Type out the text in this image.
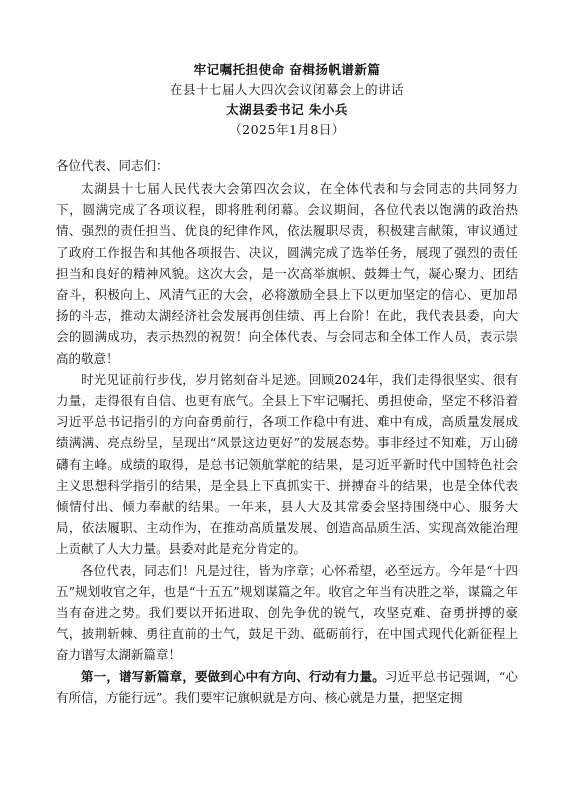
牢记嘱托担使命 奋楫扬帆谱新篇
在县十七届人大四次会议闭幕会上的讲话
太湖县委书记 朱小兵
（2025年1月8日）
各位代表、同志们：

太湖县十七届人民代表大会第四次会议，在全体代表和与会同志的共同努力下，圆满完成了各项议程，即将胜利闭幕。会议期间，各位代表以饱满的政治热情、强烈的责任担当、优良的纪律作风，依法履职尽责，积极建言献策，审议通过了政府工作报告和其他各项报告、决议，圆满完成了选举任务，展现了强烈的责任担当和良好的精神风貌。这次大会，是一次高举旗帜、鼓舞士气，凝心聚力、团结奋斗，积极向上、风清气正的大会，必将激励全县上下以更加坚定的信心、更加昂扬的斗志，推动太湖经济社会发展再创佳绩、再上台阶！在此，我代表县委，向大会的圆满成功，表示热烈的祝贺！向全体代表、与会同志和全体工作人员，表示崇高的敬意！

时光见证前行步伐，岁月铭刻奋斗足迹。回顾2024年，我们走得很坚实、很有力量，走得很有自信、也更有底气。全县上下牢记嘱托、勇担使命，坚定不移沿着习近平总书记指引的方向奋勇前行，各项工作稳中有进、难中有成，高质量发展成绩满满、亮点纷呈，呈现出“风景这边更好”的发展态势。事非经过不知难，万山磅礴有主峰。成绩的取得，是总书记领航掌舵的结果，是习近平新时代中国特色社会主义思想科学指引的结果，是全县上下真抓实干、拼搏奋斗的结果，也是全体代表倾情付出、倾力奉献的结果。一年来，县人大及其常委会坚持围绕中心、服务大局，依法履职、主动作为，在推动高质量发展、创造高品质生活、实现高效能治理上贡献了人大力量。县委对此是充分肯定的。

各位代表，同志们！凡是过往，皆为序章；心怀希望，必至远方。今年是“十四五”规划收官之年，也是“十五五”规划谋篇之年。收官之年当有决胜之举，谋篇之年当有奋进之势。我们要以开拓进取、创先争优的锐气，攻坚克难、奋勇拼搏的豪气，披荆斩棘、勇往直前的士气，鼓足干劲、砥砺前行，在中国式现代化新征程上奋力谱写太湖新篇章！

第一，谱写新篇章，要做到心中有方向、行动有力量。习近平总书记强调，“心有所信，方能行远”。我们要牢记旗帜就是方向、核心就是力量，把坚定拥
